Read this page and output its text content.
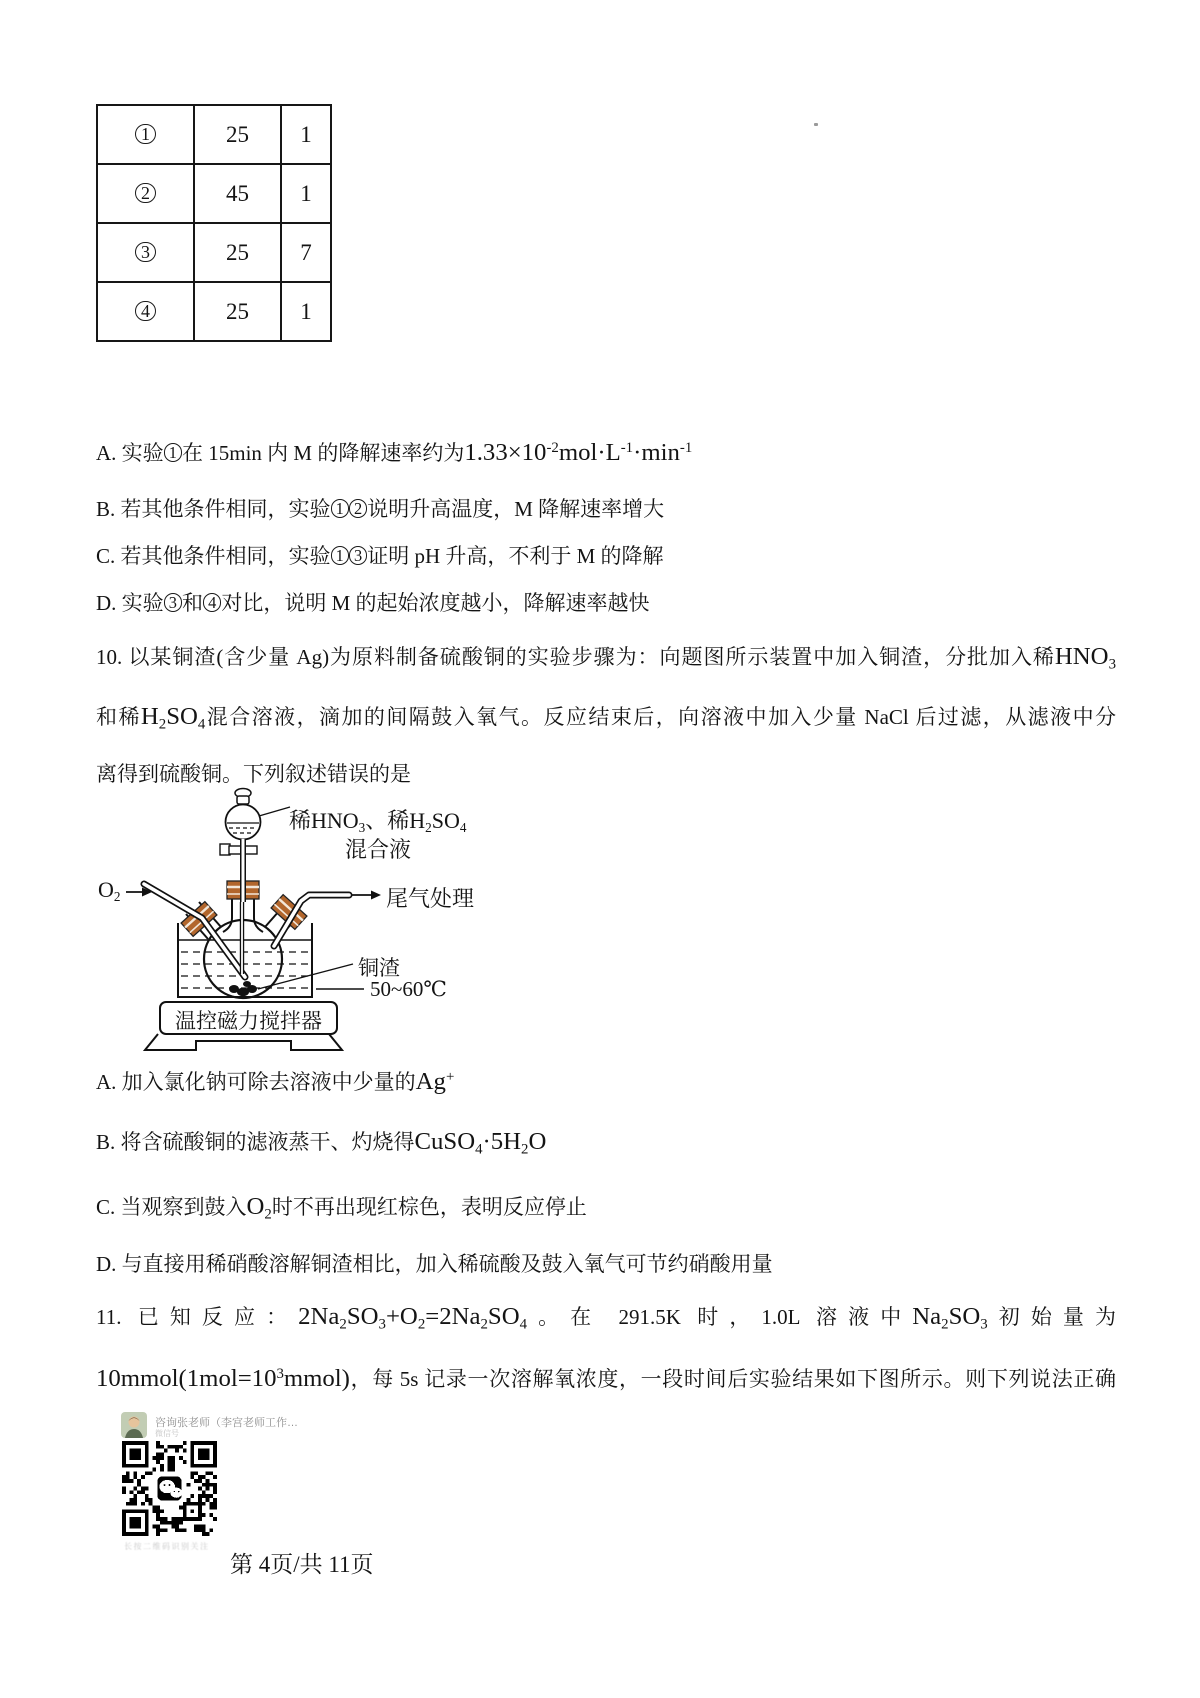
1	25	1
2	45	1
3	25	7
4	25	1
A. 实验 1 在 15min 内 M 的降解速率约为$1.33\times 10^{-2}mol\cdot L^{-1}\cdot\min^{-1}$
B. 若其他条件相同，实验 1 2 说明升高温度，M 降解速率增大
C. 若其他条件相同，实验 1 3 证明 pH 升高，不利于 M 的降解
D. 实验 3 和 4 对比，说明 M 的起始浓度越小，降解速率越快
10. 以某铜渣(含少量 Ag)为原料制备硫酸铜的实验步骤为：向题图所示装置中加入铜渣，分批加入稀$HNO_3$
和稀$H_2SO_4$混合溶液，滴加的间隔鼓入氧气。反应结束后，向溶液中加入少量 NaCl 后过滤，从滤液中分
离得到硫酸铜。下列叙述错误的是
稀$HNO_3$、稀$H_2SO_4$
混合液
$O_2$	尾气处理
铜渣
50~60℃
温控磁力搅拌器
A. 加入氯化钠可除去溶液中少量的Ag+
B. 将含硫酸铜的滤液蒸干、灼烧得$CuSO_4\cdot 5H_2O$
C. 当观察到鼓入$O_2$时不再出现红棕色，表明反应停止
D. 与直接用稀硝酸溶解铜渣相比，加入稀硫酸及鼓入氧气可节约硝酸用量
11. 已知反应：$2Na_2SO_3+O_2=2Na_2SO_4$。在 291.5K 时，1.0L 溶液中$Na_2SO_3$初始量为
$10mmol(1mol=10^3mmol)$，每 5s 记录一次溶解氧浓度，一段时间后实验结果如下图所示。则下列说法正确
咨询张老师（李宫老师工作…
微信号
长按二维码识别关注
第 4页/共 11页
